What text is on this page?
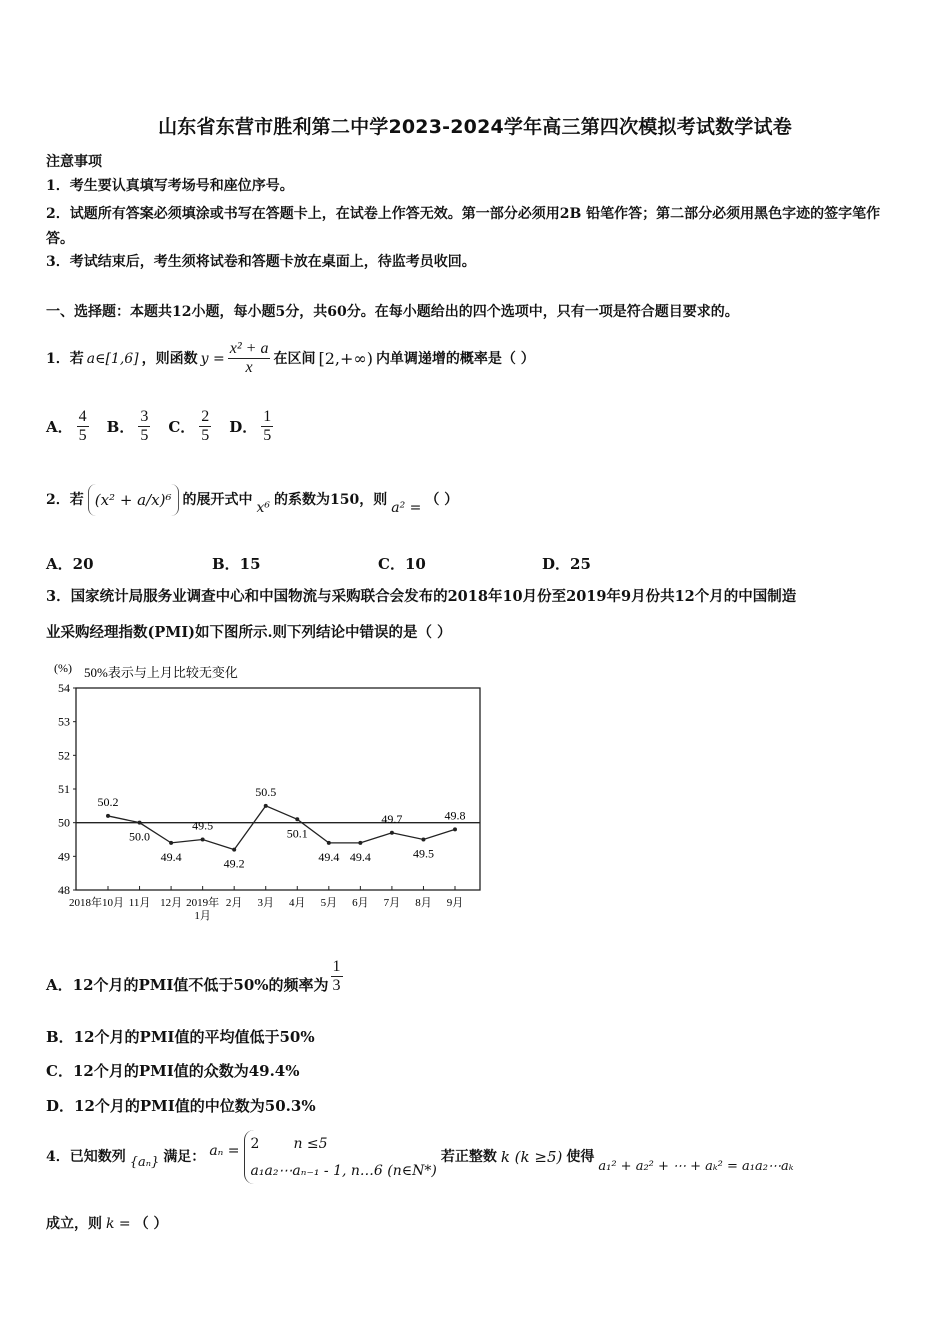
山东省东营市胜利第二中学2023-2024学年高三第四次模拟考试数学试卷
注意事项
1．考生要认真填写考场号和座位序号。
2．试题所有答案必须填涂或书写在答题卡上，在试卷上作答无效。第一部分必须用2B 铅笔作答；第二部分必须用黑色字迹的签字笔作答。
3．考试结束后，考生须将试卷和答题卡放在桌面上，待监考员收回。
一、选择题：本题共12小题，每小题5分，共60分。在每小题给出的四个选项中，只有一项是符合题目要求的。
1．若 a∈[1,6] ，则函数 $y = \frac{\text{x² + a}}{x}$ 在区间 [2,+∞) 内单调递增的概率是（ ）
A． $\frac{4}{5}$ B． $\frac{3}{5}$ C． $\frac{2}{5}$ D． $\frac{1}{5}$
2．若 (x² + a/x)⁶ 的展开式中 x⁶ 的系数为150，则 a² = （ ）
A．20	B．15	C．10	D．25
3．国家统计局服务业调查中心和中国物流与采购联合会发布的2018年10月份至2019年9月份共12个月的中国制造
业采购经理指数(PMI)如下图所示.则下列结论中错误的是（ ）
(%) 50%表示与上月比较无变化
54
53
52
51
50
49
48
50.2
50.0
49.4
49.5
49.2
50.5
50.1
49.4 49.4
49.7
49.5
49.8
2018年10月 11月 12月 2019年 2月 3月 4月 5月 6月 7月 8月 9月
1月
A．12个月的PMI值不低于50%的频率为 $\frac{1}{3}$
B．12个月的PMI值的平均值低于50%
C．12个月的PMI值的众数为49.4%
D．12个月的PMI值的中位数为50.3%
4．已知数列 {aₙ} 满足： aₙ = 2 n ≤5
a₁a₂⋯aₙ₋₁ - 1, n…6 (n∈N*)
若正整数 k (k ≥5) 使得
a₁² + a₂² + ⋯ + aₖ² = a₁a₂⋯aₖ
成立，则 k = （ ）
